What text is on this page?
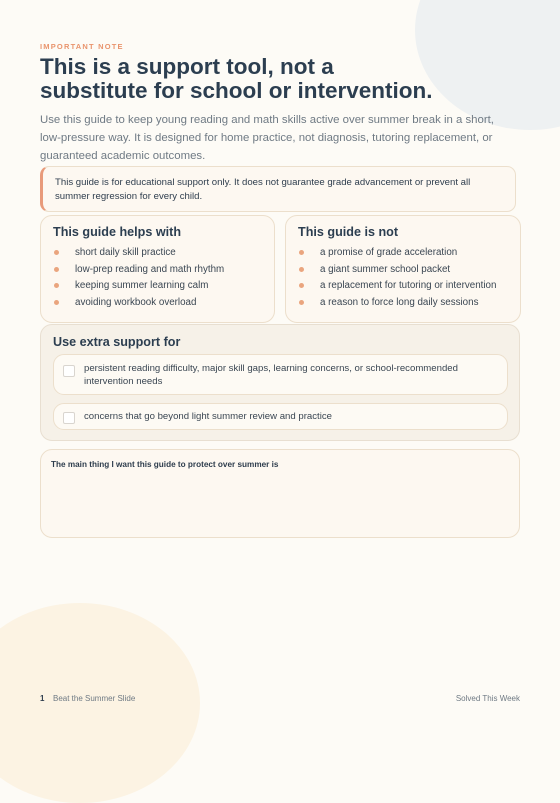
IMPORTANT NOTE
This is a support tool, not a
substitute for school or intervention.

Use this guide to keep young reading and math skills active over summer break in a short, low-pressure way. It is designed for home practice, not diagnosis, tutoring replacement, or guaranteed academic outcomes.

This guide is for educational support only. It does not guarantee grade advancement or prevent all summer regression for every child.
This guide helps with
short daily skill practice
low-prep reading and math rhythm
keeping summer learning calm
avoiding workbook overload
This guide is not
a promise of grade acceleration
a giant summer school packet
a replacement for tutoring or intervention
a reason to force long daily sessions
Use extra support for
persistent reading difficulty, major skill gaps, learning concerns, or school-recommended intervention needs
concerns that go beyond light summer review and practice
The main thing I want this guide to protect over summer is
1 Beat the Summer Slide	Solved This Week
